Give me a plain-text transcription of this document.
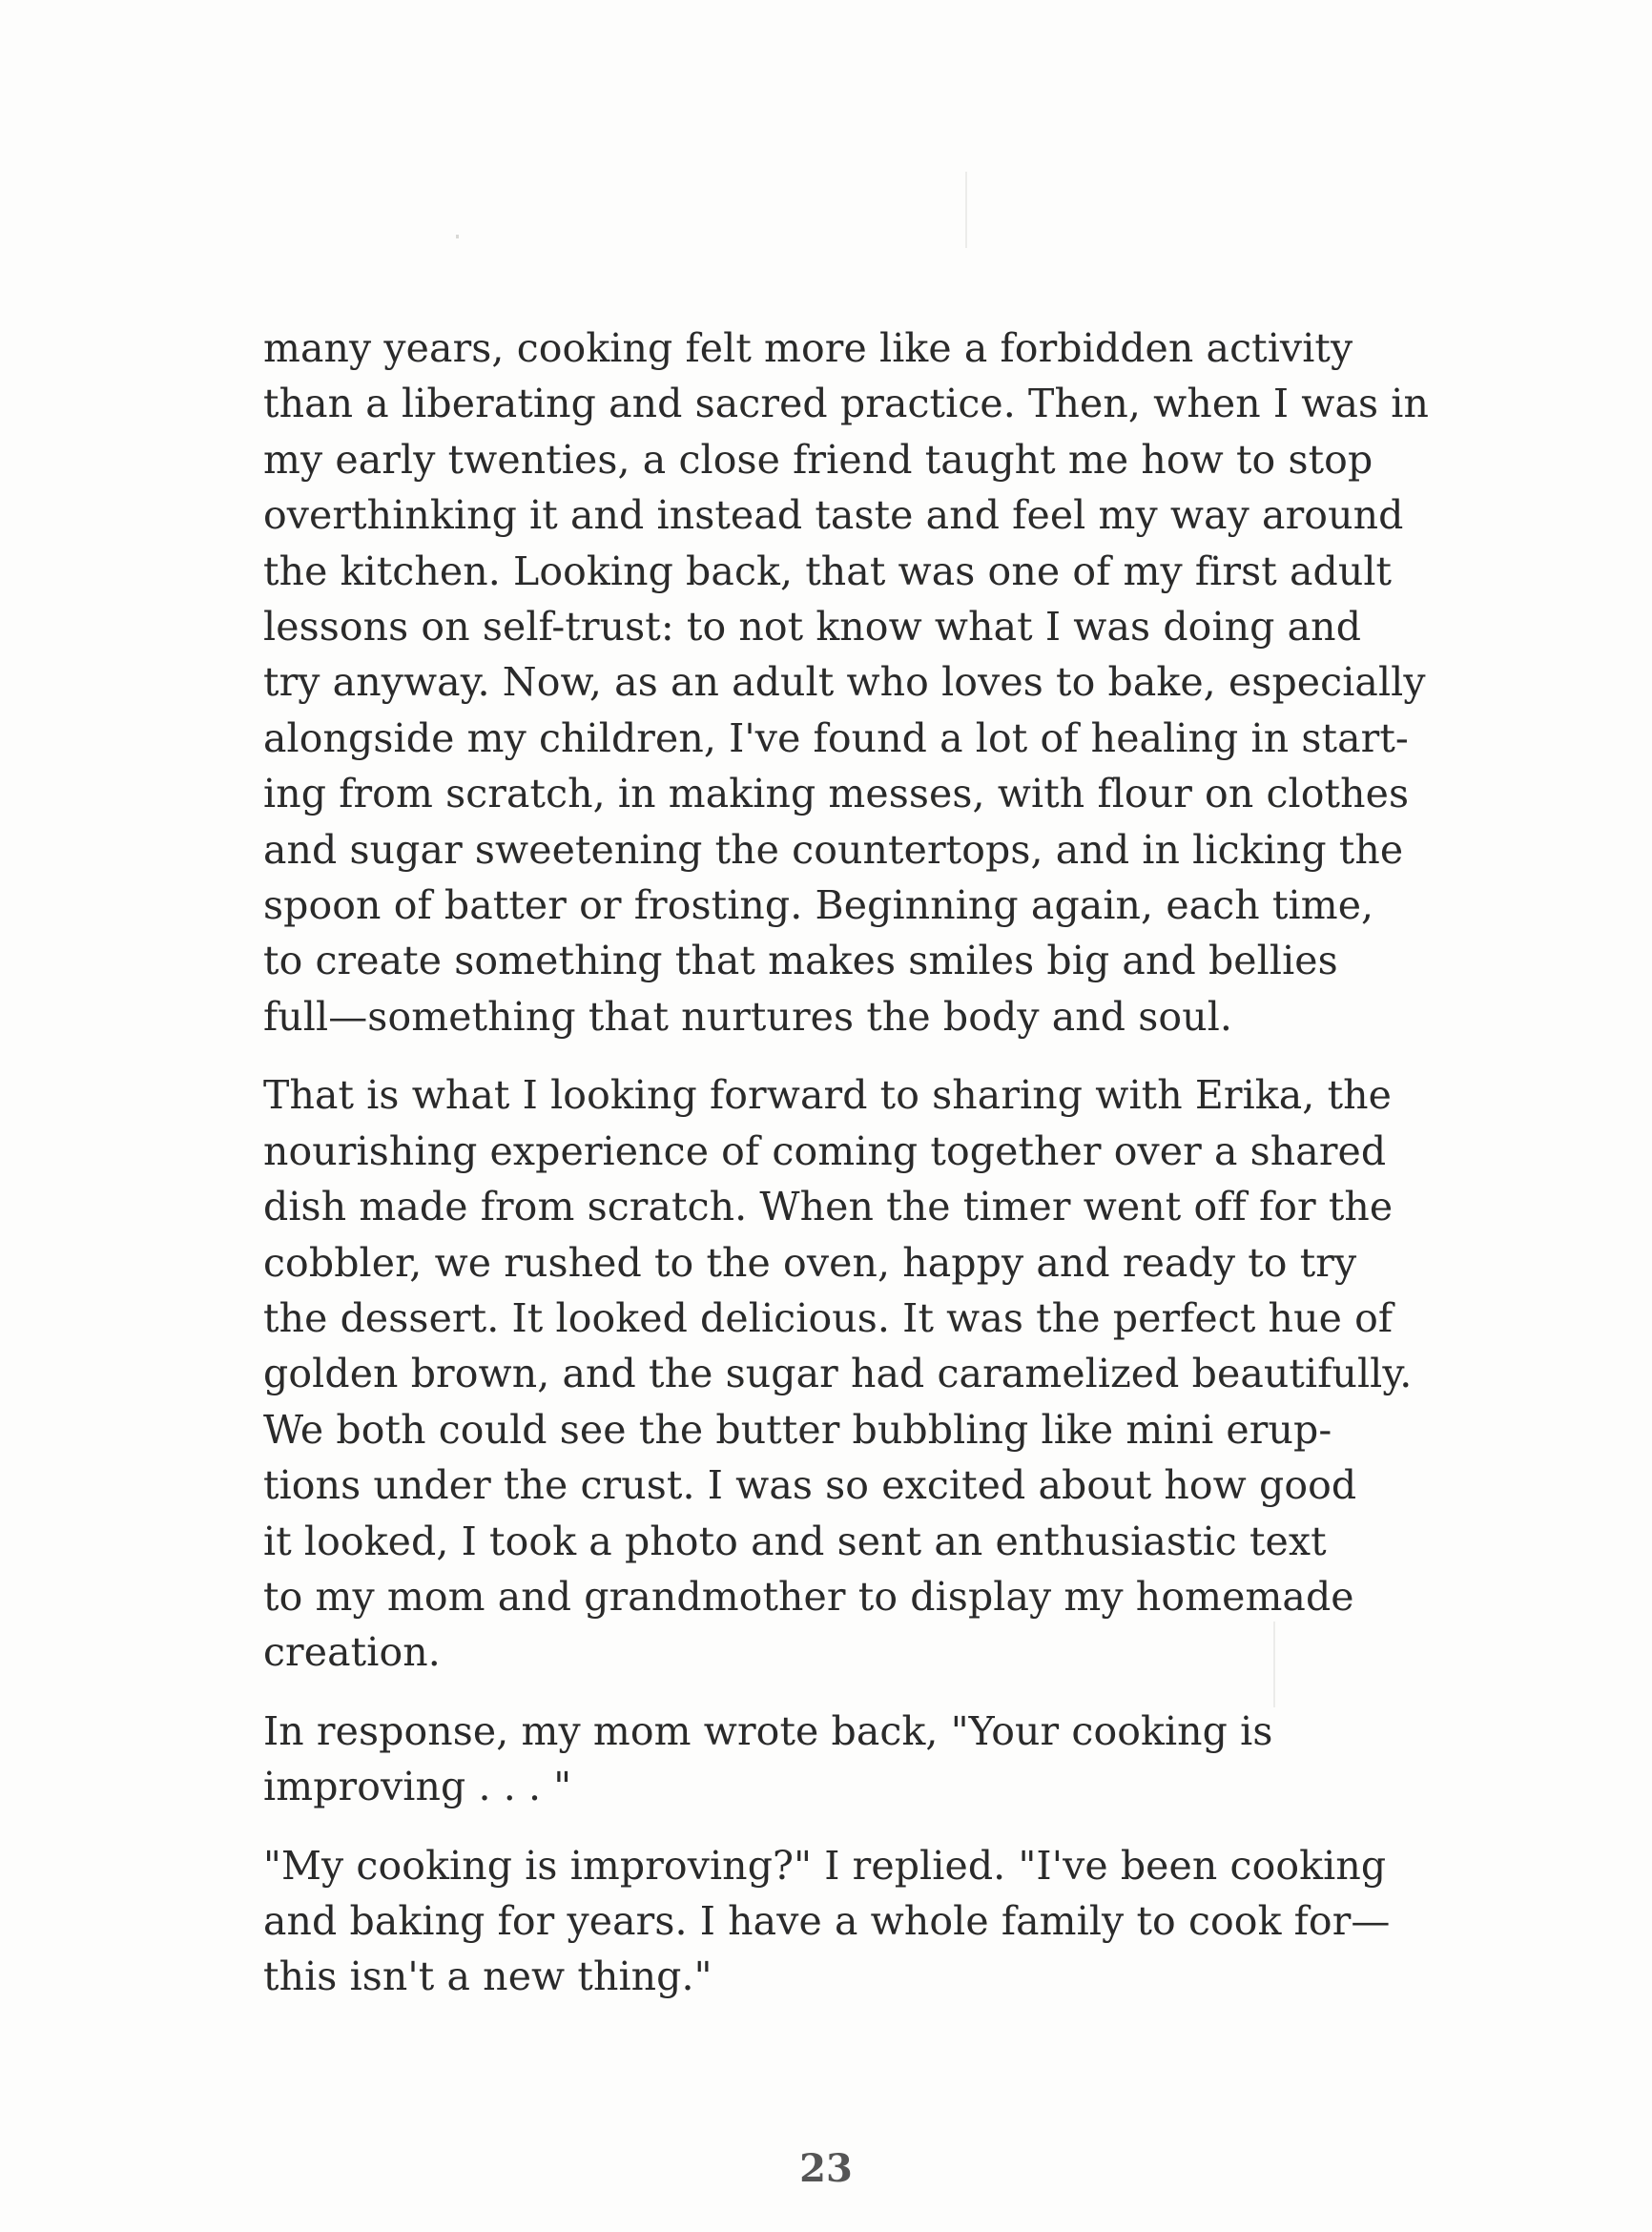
many years, cooking felt more like a forbidden activity
than a liberating and sacred practice. Then, when I was in
my early twenties, a close friend taught me how to stop
overthinking it and instead taste and feel my way around
the kitchen. Looking back, that was one of my first adult
lessons on self-trust: to not know what I was doing and
try anyway. Now, as an adult who loves to bake, especially
alongside my children, I've found a lot of healing in start-
ing from scratch, in making messes, with flour on clothes
and sugar sweetening the countertops, and in licking the
spoon of batter or frosting. Beginning again, each time,
to create something that makes smiles big and bellies
full—something that nurtures the body and soul.
That is what I looking forward to sharing with Erika, the
nourishing experience of coming together over a shared
dish made from scratch. When the timer went off for the
cobbler, we rushed to the oven, happy and ready to try
the dessert. It looked delicious. It was the perfect hue of
golden brown, and the sugar had caramelized beautifully.
We both could see the butter bubbling like mini erup-
tions under the crust. I was so excited about how good
it looked, I took a photo and sent an enthusiastic text
to my mom and grandmother to display my homemade
creation.
In response, my mom wrote back, "Your cooking is
improving . . . "
"My cooking is improving?" I replied. "I've been cooking
and baking for years. I have a whole family to cook for—
this isn't a new thing."
23
